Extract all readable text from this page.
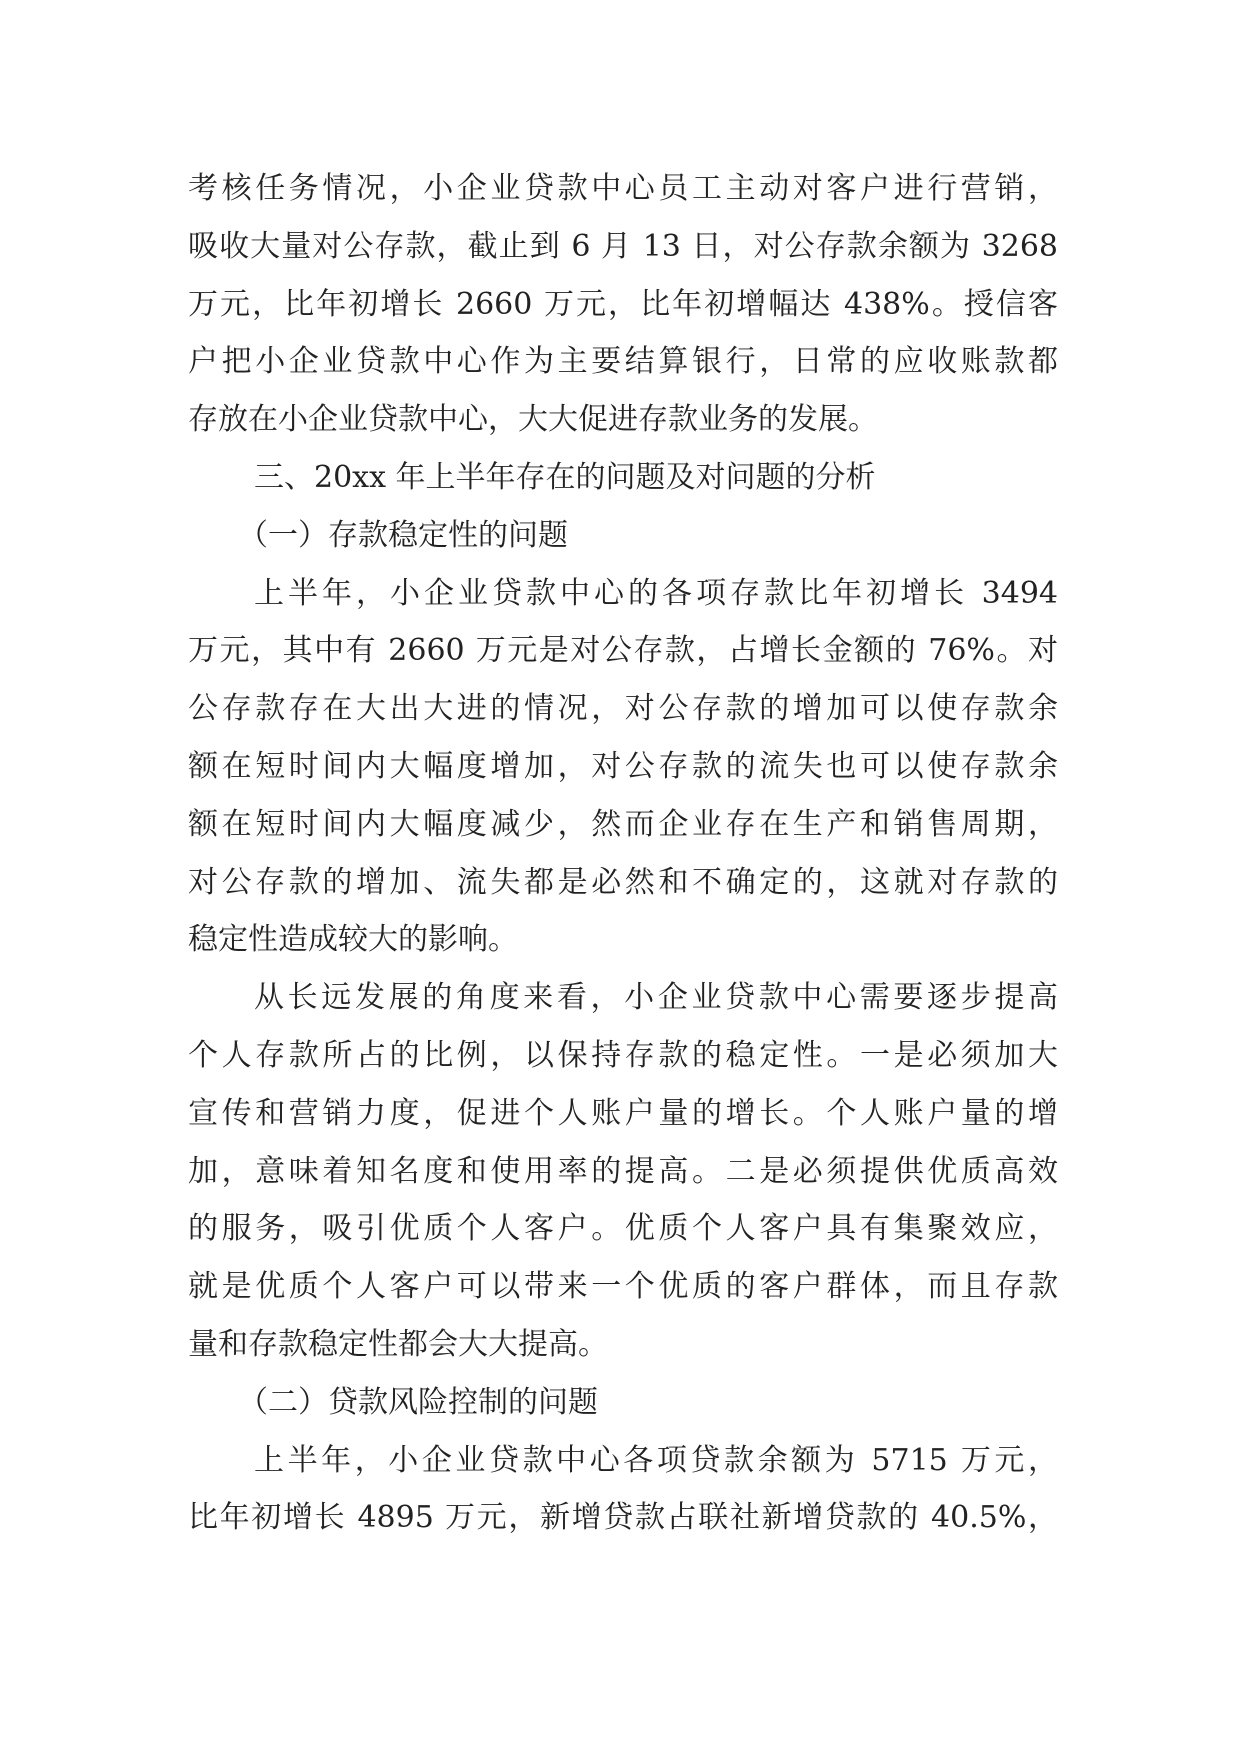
考核任务情况，小企业贷款中心员工主动对客户进行营销，
吸收大量对公存款，截止到 6 月 13 日，对公存款余额为 3268
万元，比年初增长 2660 万元，比年初增幅达 438%。授信客
户把小企业贷款中心作为主要结算银行，日常的应收账款都
存放在小企业贷款中心，大大促进存款业务的发展。
三、20xx 年上半年存在的问题及对问题的分析
（一）存款稳定性的问题
上半年，小企业贷款中心的各项存款比年初增长 3494
万元，其中有 2660 万元是对公存款，占增长金额的 76%。对
公存款存在大出大进的情况，对公存款的增加可以使存款余
额在短时间内大幅度增加，对公存款的流失也可以使存款余
额在短时间内大幅度减少，然而企业存在生产和销售周期，
对公存款的增加、流失都是必然和不确定的，这就对存款的
稳定性造成较大的影响。
从长远发展的角度来看，小企业贷款中心需要逐步提高
个人存款所占的比例，以保持存款的稳定性。一是必须加大
宣传和营销力度，促进个人账户量的增长。个人账户量的增
加，意味着知名度和使用率的提高。二是必须提供优质高效
的服务，吸引优质个人客户。优质个人客户具有集聚效应，
就是优质个人客户可以带来一个优质的客户群体，而且存款
量和存款稳定性都会大大提高。
（二）贷款风险控制的问题
上半年，小企业贷款中心各项贷款余额为 5715 万元，
比年初增长 4895 万元，新增贷款占联社新增贷款的 40.5%，
